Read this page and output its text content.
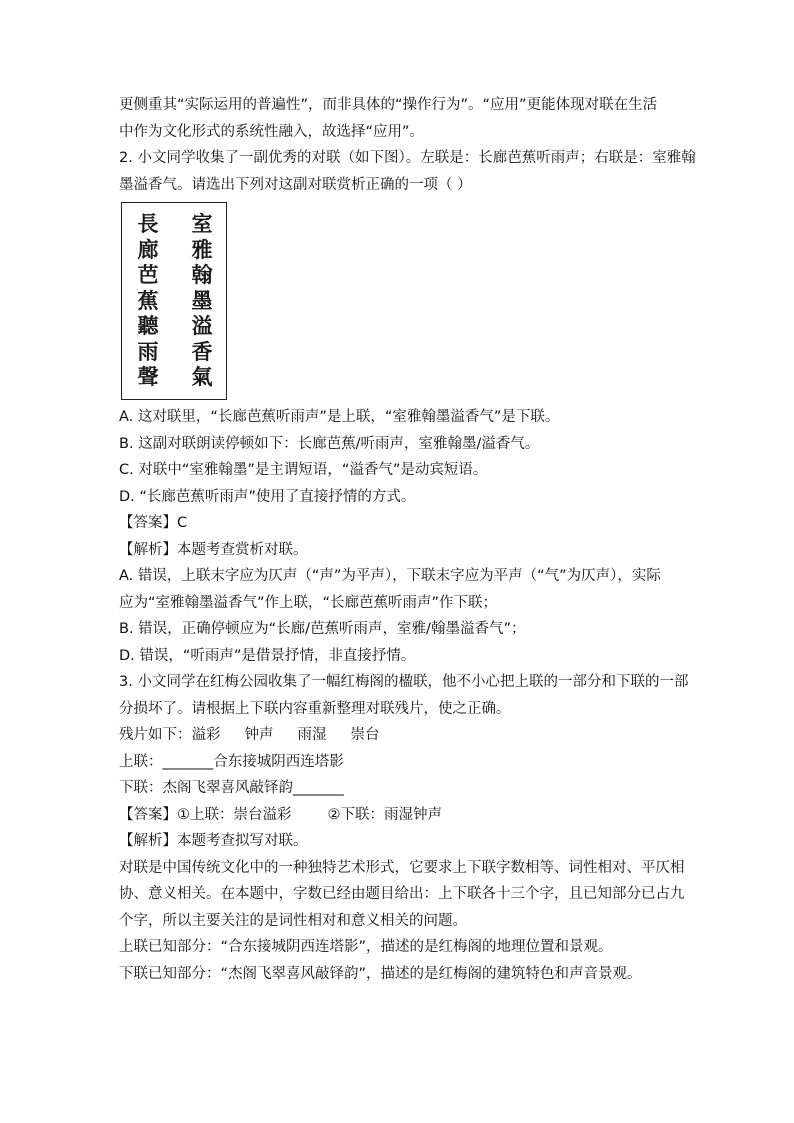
更侧重其“实际运用的普遍性”，而非具体的“操作行为”。“应用”更能体现对联在生活
中作为文化形式的系统性融入，故选择“应用”。
2. 小文同学收集了一副优秀的对联（如下图）。左联是：长廊芭蕉听雨声；右联是：室雅翰
墨溢香气。请选出下列对这副对联赏析正确的一项（ ）
長
廊
芭
蕉
聽
雨
聲
室
雅
翰
墨
溢
香
氣
A. 这对联里，“长廊芭蕉听雨声”是上联，“室雅翰墨溢香气”是下联。
B. 这副对联朗读停顿如下：长廊芭蕉/听雨声，室雅翰墨/溢香气。
C. 对联中“室雅翰墨”是主谓短语，“溢香气”是动宾短语。
D. “长廊芭蕉听雨声”使用了直接抒情的方式。
【答案】C
【解析】本题考查赏析对联。
A. 错误，上联末字应为仄声（“声”为平声），下联末字应为平声（“气”为仄声），实际
应为“室雅翰墨溢香气”作上联，“长廊芭蕉听雨声”作下联；
B. 错误，正确停顿应为“长廊/芭蕉听雨声，室雅/翰墨溢香气”；
D. 错误，“听雨声”是借景抒情，非直接抒情。
3. 小文同学在红梅公园收集了一幅红梅阁的楹联，他不小心把上联的一部分和下联的一部
分损坏了。请根据上下联内容重新整理对联残片，使之正确。
残片如下：溢彩 钟声 雨湿 崇台
上联：_______合东接城阴西连塔影
下联：杰阁飞翠喜风敲铎韵_______
【答案】①上联：崇台溢彩 ②下联：雨湿钟声
【解析】本题考查拟写对联。
对联是中国传统文化中的一种独特艺术形式，它要求上下联字数相等、词性相对、平仄相
协、意义相关。在本题中，字数已经由题目给出：上下联各十三个字，且已知部分已占九
个字，所以主要关注的是词性相对和意义相关的问题。
上联已知部分：“合东接城阴西连塔影”，描述的是红梅阁的地理位置和景观。
下联已知部分：“杰阁飞翠喜风敲铎韵”，描述的是红梅阁的建筑特色和声音景观。
